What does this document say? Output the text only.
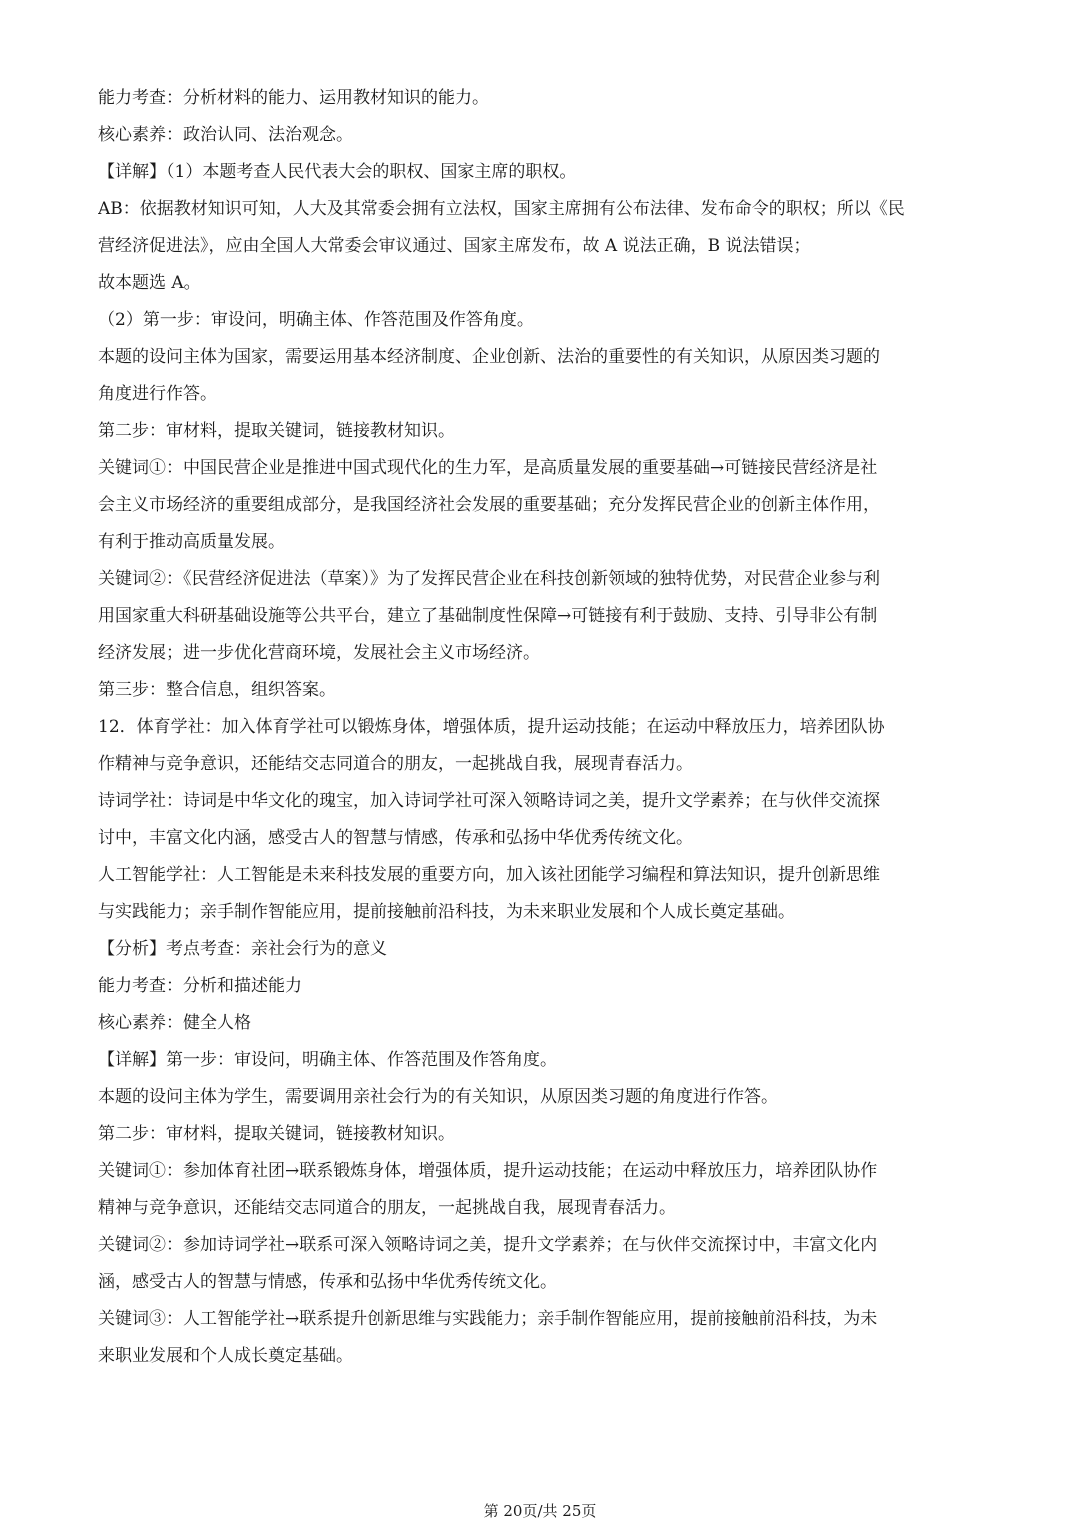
能力考查：分析材料的能力、运用教材知识的能力。
核心素养：政治认同、法治观念。
【详解】（1）本题考查人民代表大会的职权、国家主席的职权。
AB：依据教材知识可知，人大及其常委会拥有立法权，国家主席拥有公布法律、发布命令的职权；所以《民
营经济促进法》，应由全国人大常委会审议通过、国家主席发布，故 A 说法正确，B 说法错误；
故本题选 A。
（2）第一步：审设问，明确主体、作答范围及作答角度。
本题的设问主体为国家，需要运用基本经济制度、企业创新、法治的重要性的有关知识，从原因类习题的
角度进行作答。
第二步：审材料，提取关键词，链接教材知识。
关键词①：中国民营企业是推进中国式现代化的生力军，是高质量发展的重要基础→可链接民营经济是社
会主义市场经济的重要组成部分，是我国经济社会发展的重要基础；充分发挥民营企业的创新主体作用，
有利于推动高质量发展。
关键词②：《民营经济促进法（草案）》为了发挥民营企业在科技创新领域的独特优势，对民营企业参与利
用国家重大科研基础设施等公共平台，建立了基础制度性保障→可链接有利于鼓励、支持、引导非公有制
经济发展；进一步优化营商环境，发展社会主义市场经济。
第三步：整合信息，组织答案。
12．体育学社：加入体育学社可以锻炼身体，增强体质，提升运动技能；在运动中释放压力，培养团队协
作精神与竞争意识，还能结交志同道合的朋友，一起挑战自我，展现青春活力。
诗词学社：诗词是中华文化的瑰宝，加入诗词学社可深入领略诗词之美，提升文学素养；在与伙伴交流探
讨中，丰富文化内涵，感受古人的智慧与情感，传承和弘扬中华优秀传统文化。
人工智能学社：人工智能是未来科技发展的重要方向，加入该社团能学习编程和算法知识，提升创新思维
与实践能力；亲手制作智能应用，提前接触前沿科技，为未来职业发展和个人成长奠定基础。
【分析】考点考查：亲社会行为的意义
能力考查：分析和描述能力
核心素养：健全人格
【详解】第一步：审设问，明确主体、作答范围及作答角度。
本题的设问主体为学生，需要调用亲社会行为的有关知识，从原因类习题的角度进行作答。
第二步：审材料，提取关键词，链接教材知识。
关键词①：参加体育社团→联系锻炼身体，增强体质，提升运动技能；在运动中释放压力，培养团队协作
精神与竞争意识，还能结交志同道合的朋友，一起挑战自我，展现青春活力。
关键词②：参加诗词学社→联系可深入领略诗词之美，提升文学素养；在与伙伴交流探讨中，丰富文化内
涵，感受古人的智慧与情感，传承和弘扬中华优秀传统文化。
关键词③：人工智能学社→联系提升创新思维与实践能力；亲手制作智能应用，提前接触前沿科技，为未
来职业发展和个人成长奠定基础。
第 20页/共 25页
